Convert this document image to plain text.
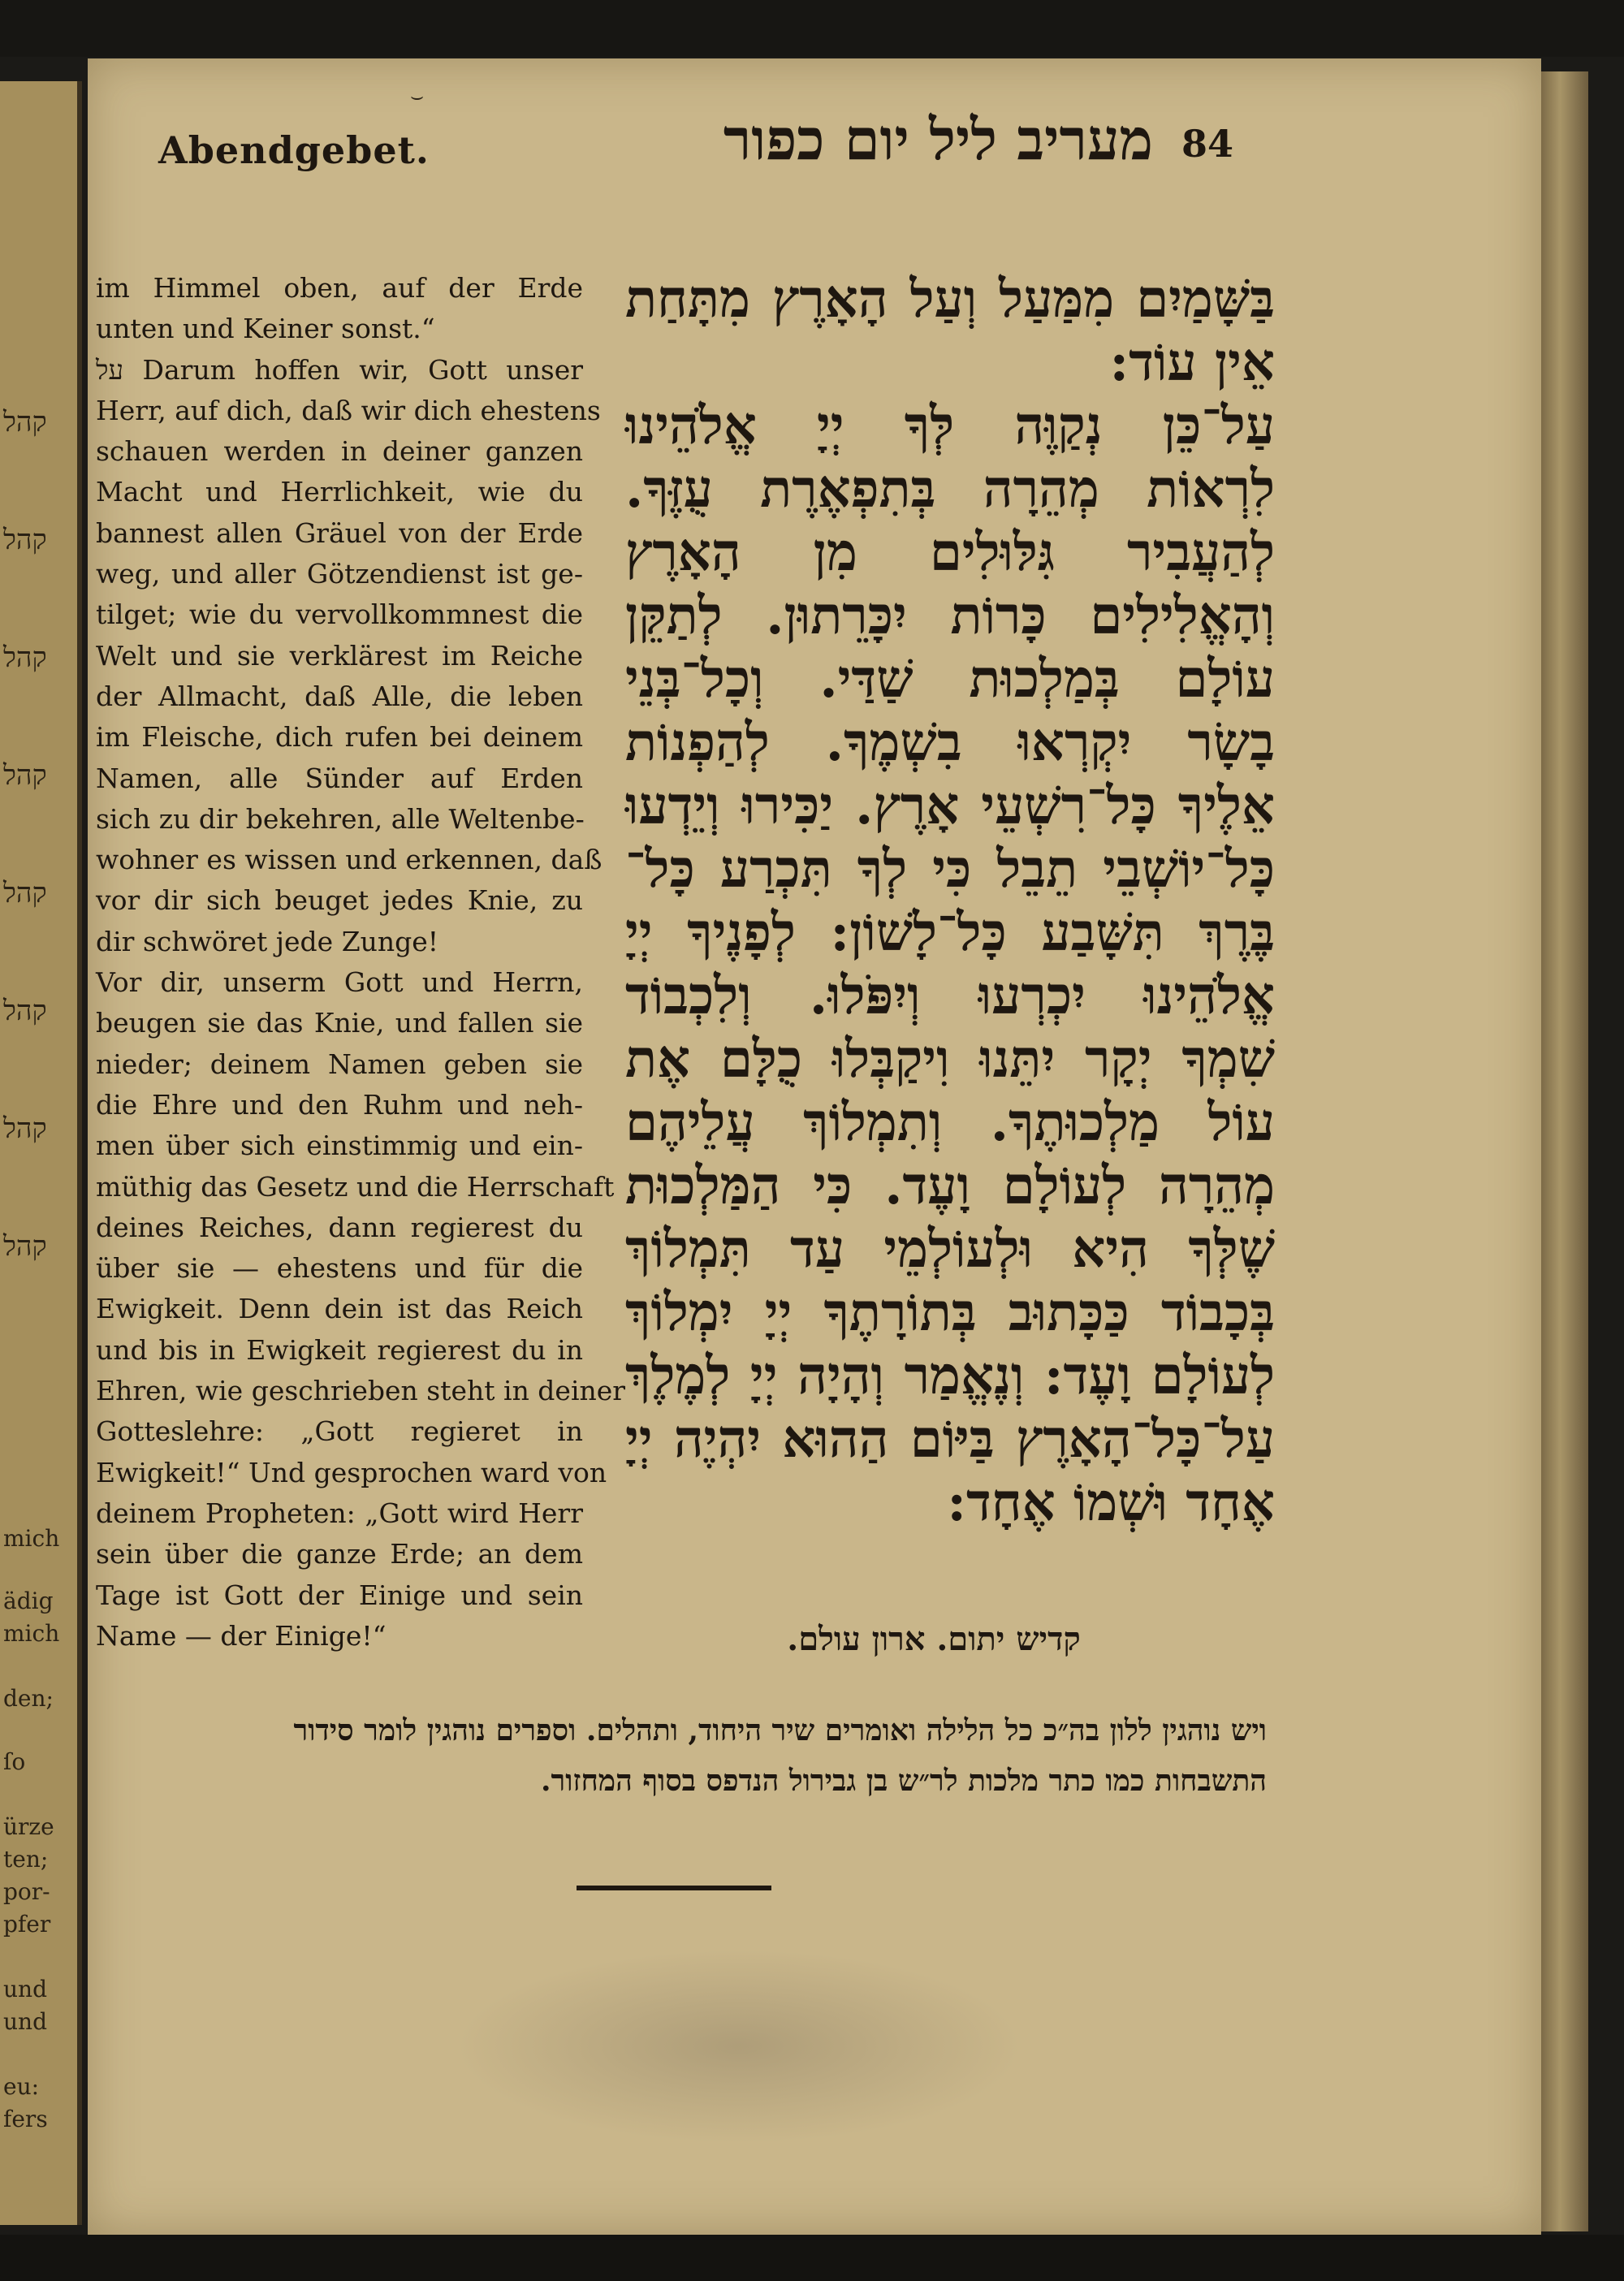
קהל
קהל
קהל
קהל
קהל
קהל
קהל
קהל
mich
ädig
mich
den;
ſo
ürze
ten;
por-
pfer
und
und
eu:
fers
⌣
Abendgebet.	מעריב ליל יום כפור 84
im Himmel oben, auf der Erde
unten und Keiner sonst.“
על Darum hoffen wir, Gott unser
Herr, auf dich, daß wir dich ehestens
schauen werden in deiner ganzen
Macht und Herrlichkeit, wie du
bannest allen Gräuel von der Erde
weg, und aller Götzendienst ist ge-
tilget; wie du vervollkommnest die
Welt und sie verklärest im Reiche
der Allmacht, daß Alle, die leben
im Fleische, dich rufen bei deinem
Namen, alle Sünder auf Erden
sich zu dir bekehren, alle Weltenbe-
wohner es wissen und erkennen, daß
vor dir sich beuget jedes Knie, zu
dir schwöret jede Zunge!
Vor dir, unserm Gott und Herrn,
beugen sie das Knie, und fallen sie
nieder; deinem Namen geben sie
die Ehre und den Ruhm und neh-
men über sich einstimmig und ein-
müthig das Gesetz und die Herrschaft
deines Reiches, dann regierest du
über sie — ehestens und für die
Ewigkeit. Denn dein ist das Reich
und bis in Ewigkeit regierest du in
Ehren, wie geschrieben steht in deiner
Gotteslehre: „Gott regieret in
Ewigkeit!“ Und gesprochen ward von
deinem Propheten: „Gott wird Herr
sein über die ganze Erde; an dem
Tage ist Gott der Einige und sein
Name — der Einige!“
בַּשָּׁמַיִם מִמַּעַל וְעַל הָאָרֶץ מִתָּחַת
אֵין עוֹד:
עַל־כֵּן נְקַוֶּה לְּךָ יְיָ אֱלֹהֵינוּ
לִרְאוֹת מְהֵרָה בְּתִפְאֶרֶת עֻזֶּךָ.
לְהַעֲבִיר גִּלּוּלִים מִן הָאָרֶץ
וְהָאֱלִילִים כָּרוֹת יִכָּרֵתוּן. לְתַקֵּן
עוֹלָם בְּמַלְכוּת שַׁדַּי. וְכָל־בְּנֵי
בָשָׂר יִקְרְאוּ בִשְׁמֶךָ. לְהַפְנוֹת
אֵלֶיךָ כָּל־רִשְׁעֵי אָרֶץ. יַכִּירוּ וְיֵדְעוּ
כָּל־יוֹשְׁבֵי תֵבֵל כִּי לְךָ תִּכְרַע כָּל־
בֶּרֶךְ תִּשָּׁבַע כָּל־לָשׁוֹן: לְפָנֶיךָ יְיָ
אֱלֹהֵינוּ יִכְרְעוּ וְיִפֹּלוּ. וְלִכְבוֹד
שִׁמְךָ יְקָר יִתֵּנוּ וִיקַבְּלוּ כֻלָּם אֶת
עוֹל מַלְכוּתֶךָ. וְתִמְלוֹךְ עֲלֵיהֶם
מְהֵרָה לְעוֹלָם וָעֶד. כִּי הַמַּלְכוּת
שֶׁלְּךָ הִיא וּלְעוֹלְמֵי עַד תִּמְלוֹךְ
בְּכָבוֹד כַּכָּתוּב בְּתוֹרָתֶךָ יְיָ יִמְלוֹךְ
לְעוֹלָם וָעֶד: וְנֶאֱמַר וְהָיָה יְיָ לְמֶלֶךְ
עַל־כָּל־הָאָרֶץ בַּיּוֹם הַהוּא יִהְיֶה יְיָ
אֶחָד וּשְׁמוֹ אֶחָד:
קדיש יתום. ארון עולם.
ויש נוהגין ללון בה״כ כל הלילה ואומרים שיר היחוד, ותהלים. וספרים נוהגין לומר סידור
התשבחות כמו כתר מלכות לר״ש בן גבירול הנדפס בסוף המחזור.
